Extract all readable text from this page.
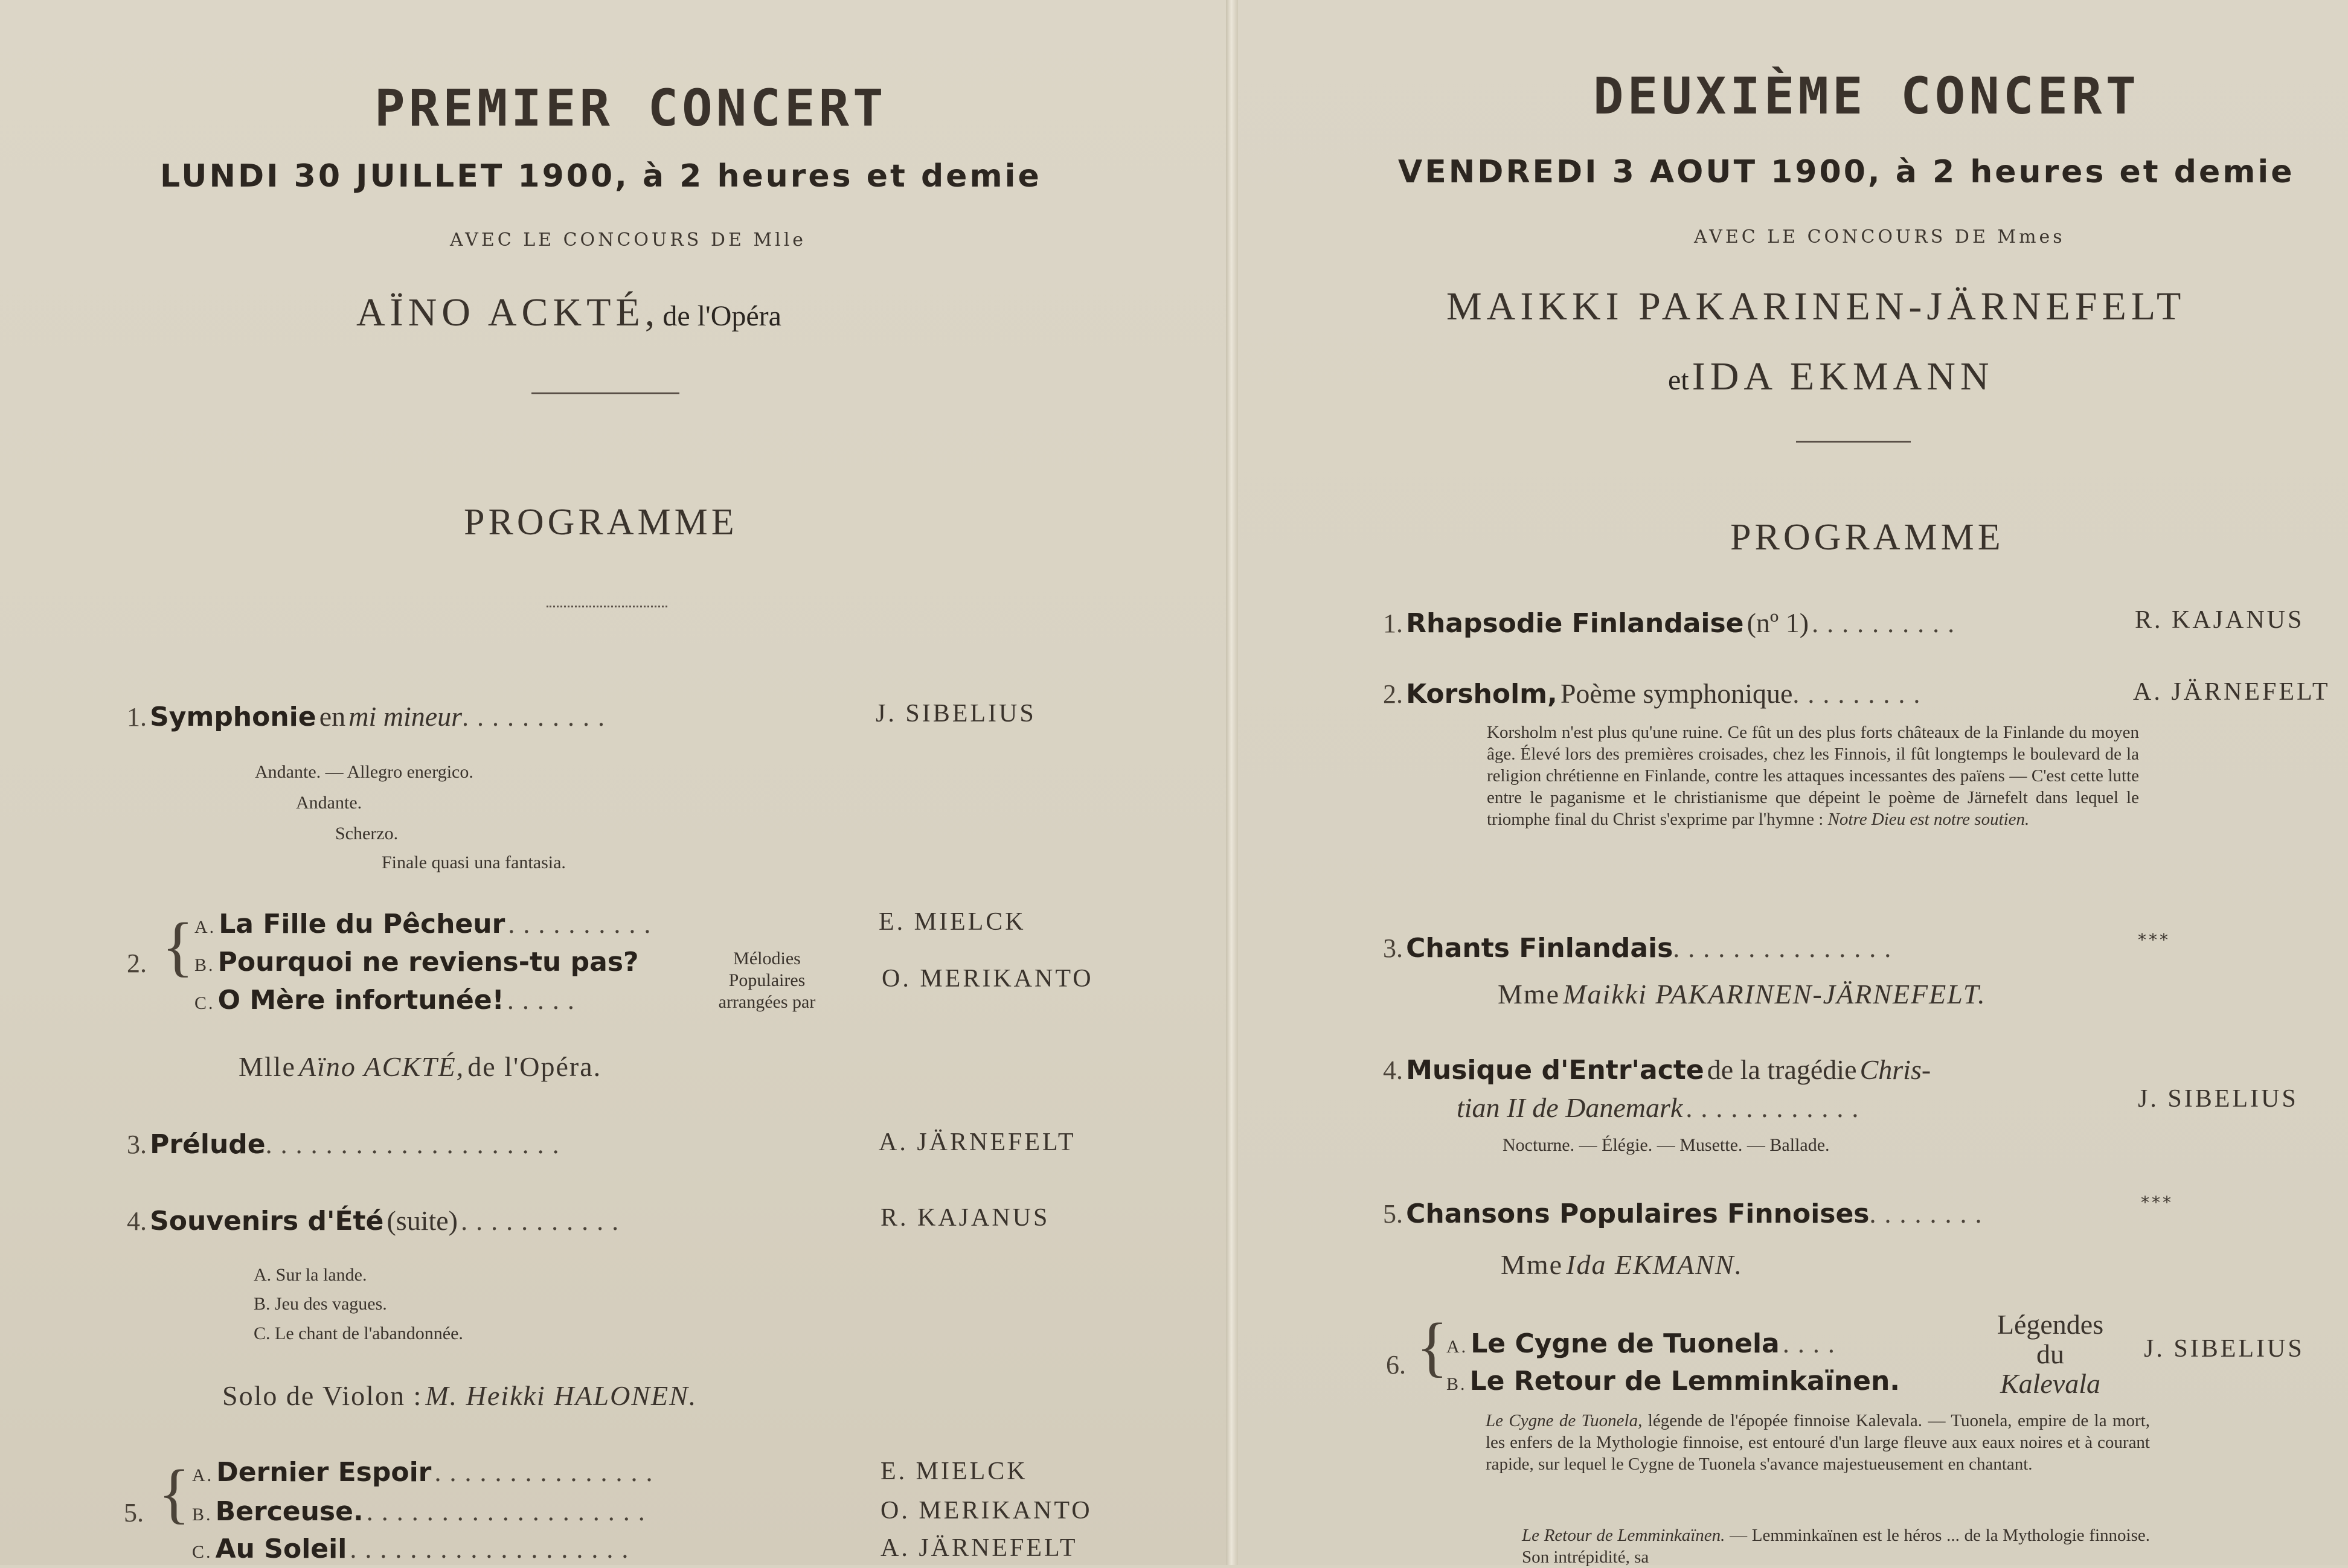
PREMIER CONCERT
LUNDI 30 JUILLET 1900, à 2 heures et demie
AVEC LE CONCOURS DE Mlle
AÏNO ACKTÉ, de l'Opéra
PROGRAMME
1. Symphonie en mi mineur..........	J. SIBELIUS
Andante. — Allegro energico.
Andante.
Scherzo.
Finale quasi una fantasia.
2. { A. La Fille du Pêcheur ..........	E. MIELCK
B. Pourquoi ne reviens-tu pas?
C. O Mère infortunée! .....
Mélodies
Populaires
arrangées par
O. MERIKANTO
Mlle Aïno ACKTÉ, de l'Opéra.
3. Prélude....................	A. JÄRNEFELT
4. Souvenirs d'Été (suite) ...........	R. KAJANUS
A. Sur la lande.
B. Jeu des vagues.
C. Le chant de l'abandonnée.
Solo de Violon : M. Heikki HALONEN.
5. { A. Dernier Espoir ...............	E. MIELCK
B. Berceuse. ...................	O. MERIKANTO
C. Au Soleil ...................	A. JÄRNEFELT
DEUXIÈME CONCERT
VENDREDI 3 AOUT 1900, à 2 heures et demie
AVEC LE CONCOURS DE Mmes
MAIKKI PAKARINEN-JÄRNEFELT
et IDA EKMANN
PROGRAMME
1. Rhapsodie Finlandaise (nº 1) ..........	R. KAJANUS
2. Korsholm, Poème symphonique.........	A. JÄRNEFELT
Korsholm n'est plus qu'une ruine. Ce fût un des plus forts châteaux de la Finlande du moyen âge. Élevé lors des premières croisades, chez les Finnois, il fût longtemps le boulevard de la religion chrétienne en Finlande, contre les attaques incessantes des païens — C'est cette lutte entre le paganisme et le christianisme que dépeint le poème de Järnefelt dans lequel le triomphe final du Christ s'exprime par l'hymne : Notre Dieu est notre soutien.
3. Chants Finlandais...............	***
Mme Maikki PAKARINEN-JÄRNEFELT.
4. Musique d'Entr'acte de la tragédie Chris-
tian II de Danemark ............	J. SIBELIUS
Nocturne. — Élégie. — Musette. — Ballade.
5. Chansons Populaires Finnoises........	***
Mme Ida EKMANN.
6. {
A. Le Cygne de Tuonela ....
B. Le Retour de Lemminkaïnen.
Légendes
du
Kalevala
J. SIBELIUS
Le Cygne de Tuonela, légende de l'épopée finnoise Kalevala. — Tuonela, empire de la mort, les enfers de la Mythologie finnoise, est entouré d'un large fleuve aux eaux noires et à courant rapide, sur lequel le Cygne de Tuonela s'avance majestueusement en chantant.
Le Retour de Lemminkaïnen. — Lemminkaïnen est le héros ... de la Mythologie finnoise. Son intrépidité, sa
